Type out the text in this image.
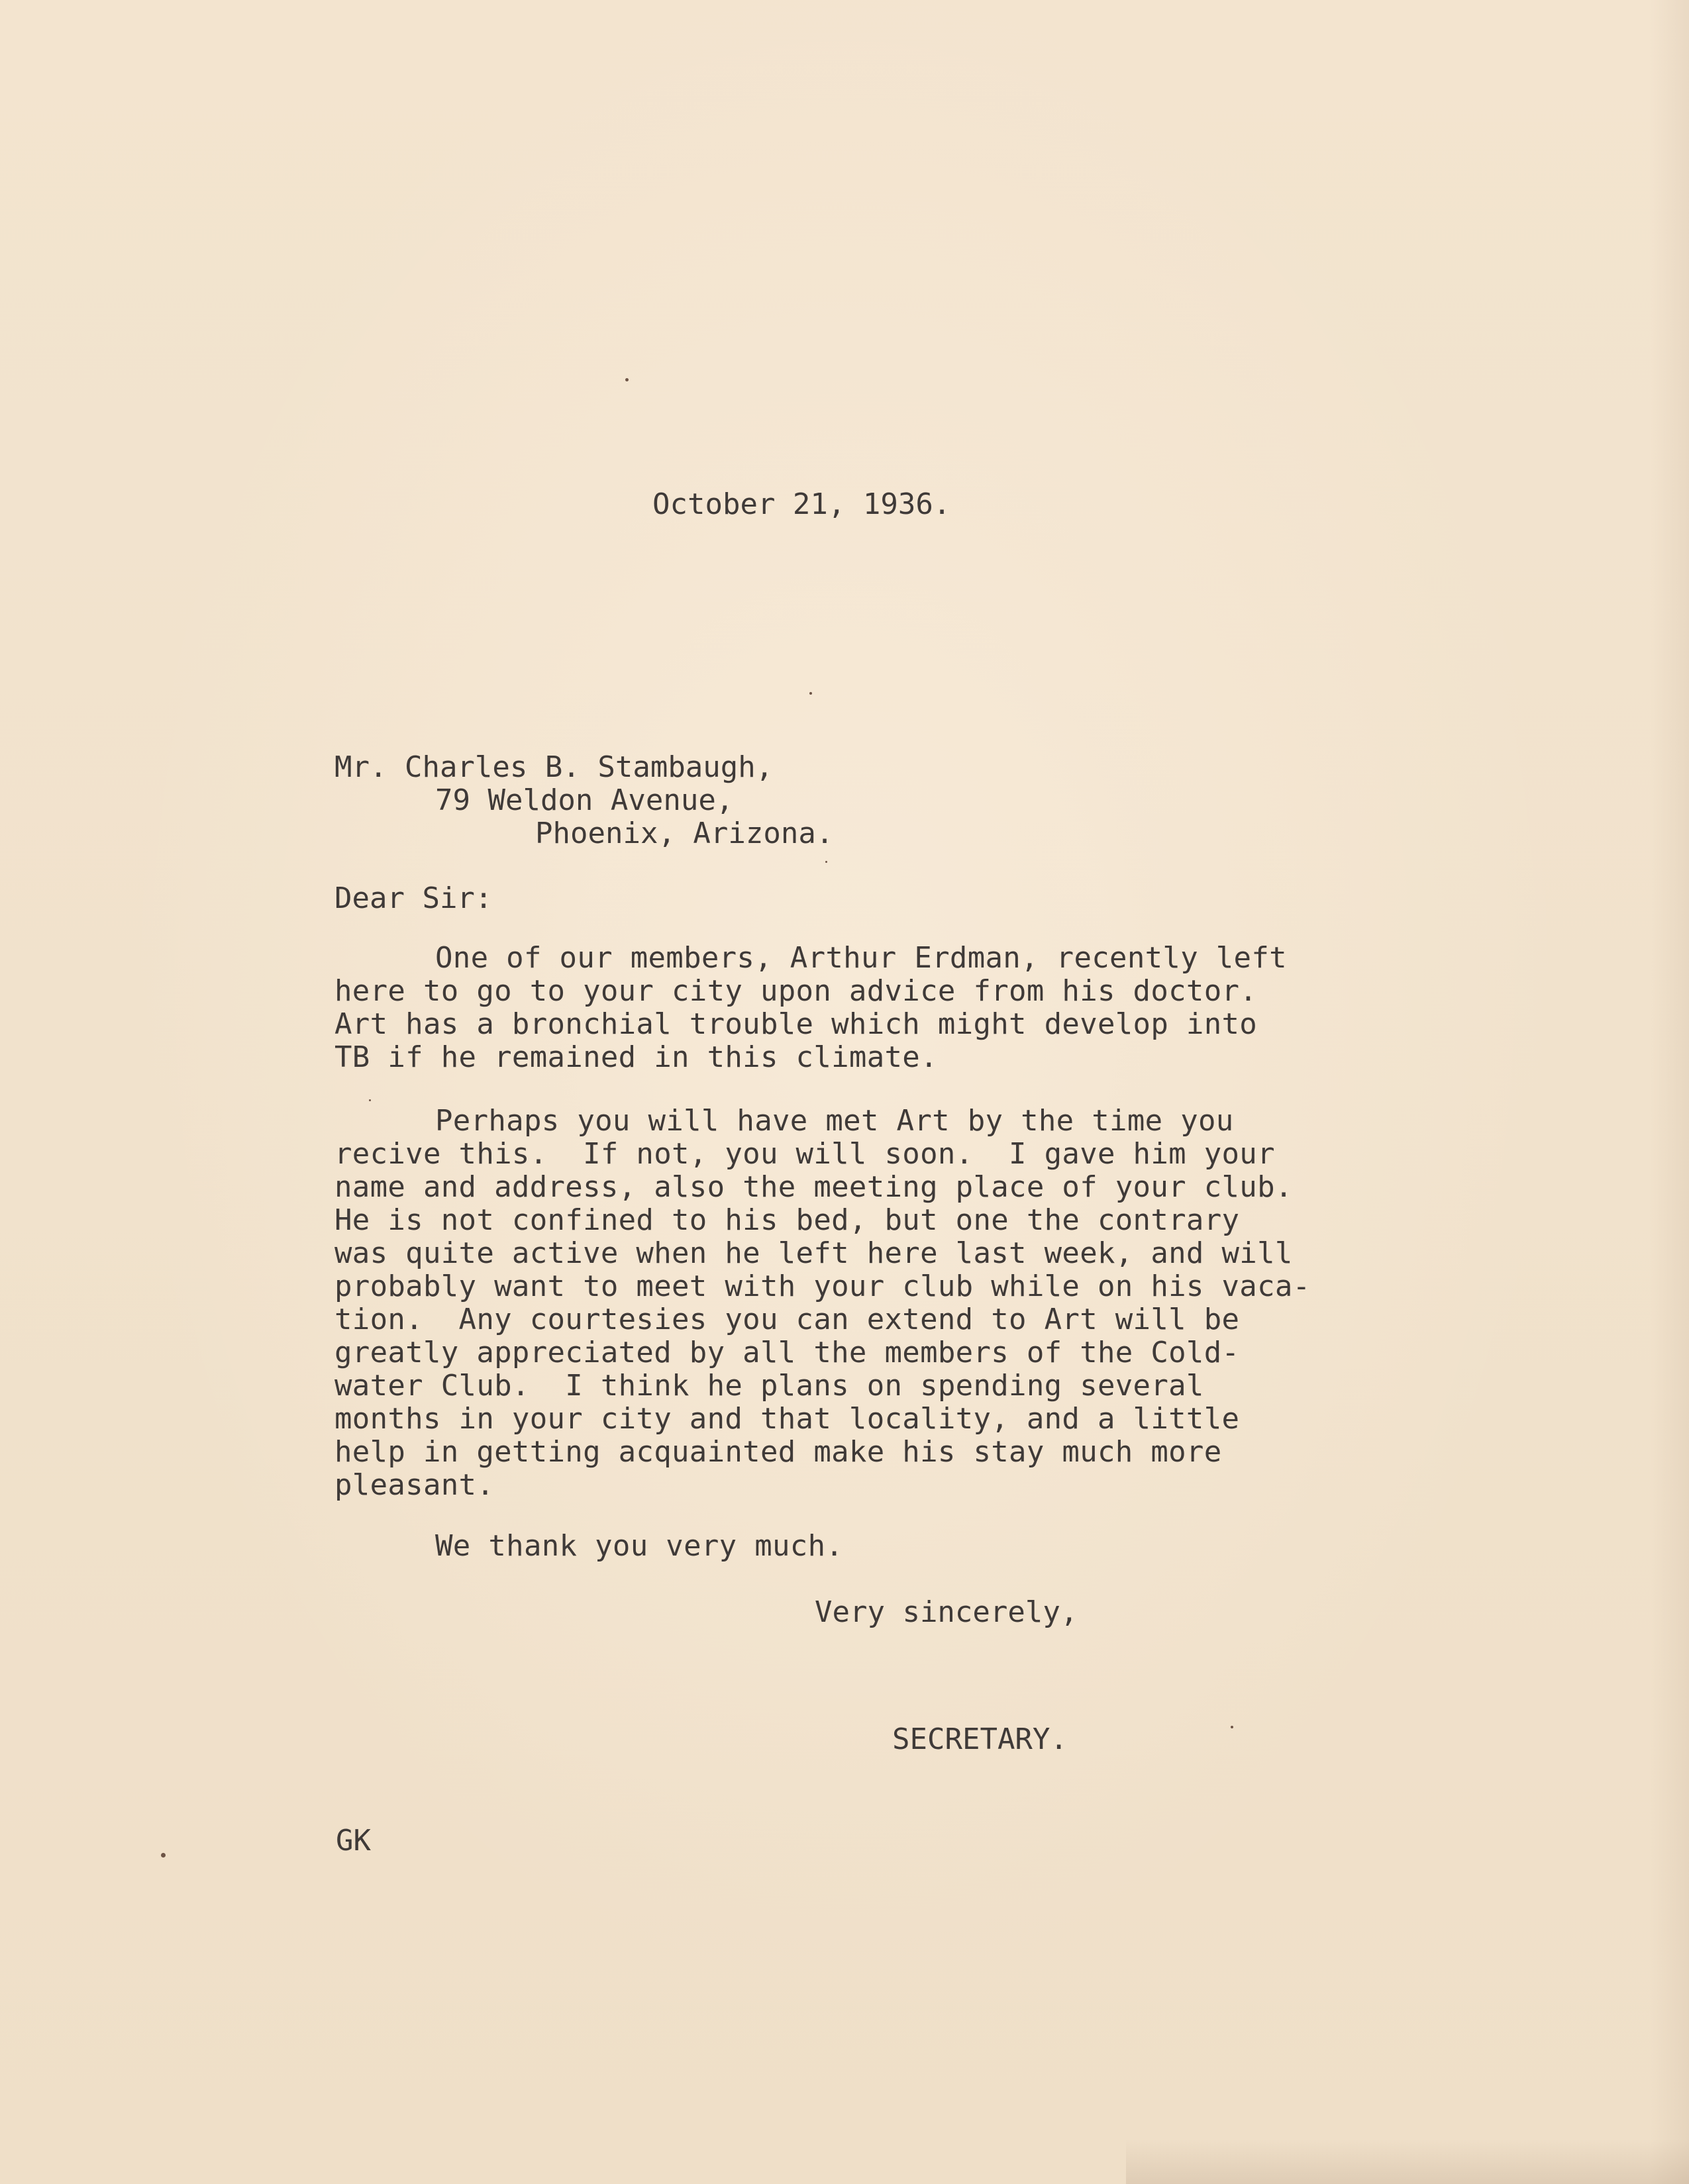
October 21, 1936.

Mr. Charles B. Stambaugh,

79 Weldon Avenue,

Phoenix, Arizona.

Dear Sir:

One of our members, Arthur Erdman, recently left

here to go to your city upon advice from his doctor.

Art has a bronchial trouble which might develop into

TB if he remained in this climate.

Perhaps you will have met Art by the time you

recive this.  If not, you will soon.  I gave him your

name and address, also the meeting place of your club.

He is not confined to his bed, but one the contrary

was quite active when he left here last week, and will

probably want to meet with your club while on his vaca-

tion.  Any courtesies you can extend to Art will be

greatly appreciated by all the members of the Cold-

water Club.  I think he plans on spending several

months in your city and that locality, and a little

help in getting acquainted make his stay much more

pleasant.

We thank you very much.

Very sincerely,

SECRETARY.

GK
